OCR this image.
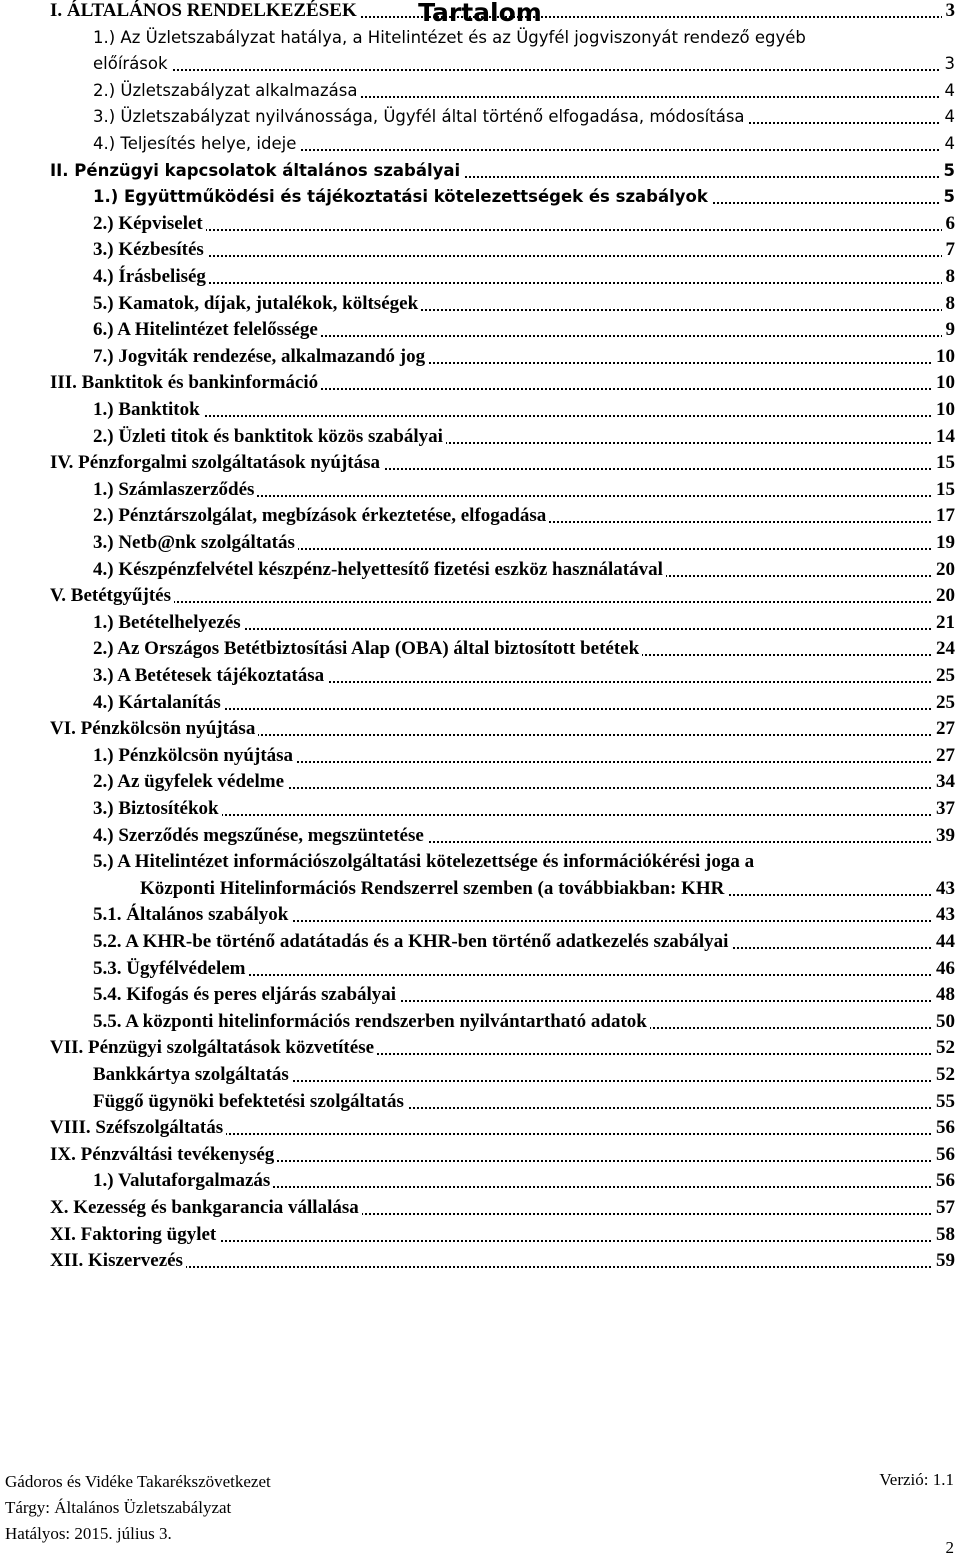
Tartalom
I. ÁLTALÁNOS RENDELKEZÉSEK	3
1.) Az Üzletszabályzat hatálya, a Hitelintézet és az Ügyfél jogviszonyát rendező egyéb
előírások	3
2.) Üzletszabályzat alkalmazása	4
3.) Üzletszabályzat nyilvánossága, Ügyfél által történő elfogadása, módosítása	4
4.) Teljesítés helye, ideje	4
II. Pénzügyi kapcsolatok általános szabályai	5
1.) Együttműködési és tájékoztatási kötelezettségek és szabályok	5
2.) Képviselet	6
3.) Kézbesítés	7
4.) Írásbeliség	8
5.) Kamatok, díjak, jutalékok, költségek	8
6.) A Hitelintézet felelőssége	9
7.) Jogviták rendezése, alkalmazandó jog	10
III. Banktitok és bankinformáció	10
1.) Banktitok	10
2.) Üzleti titok és banktitok közös szabályai	14
IV. Pénzforgalmi szolgáltatások nyújtása	15
1.) Számlaszerződés	15
2.) Pénztárszolgálat, megbízások érkeztetése, elfogadása	17
3.) Netb@nk szolgáltatás	19
4.) Készpénzfelvétel készpénz-helyettesítő fizetési eszköz használatával	20
V. Betétgyűjtés	20
1.) Betételhelyezés	21
2.) Az Országos Betétbiztosítási Alap (OBA) által biztosított betétek	24
3.) A Betétesek tájékoztatása	25
4.) Kártalanítás	25
VI. Pénzkölcsön nyújtása	27
1.) Pénzkölcsön nyújtása	27
2.) Az ügyfelek védelme	34
3.) Biztosítékok	37
4.) Szerződés megszűnése, megszüntetése	39
5.) A Hitelintézet információszolgáltatási kötelezettsége és információkérési joga a
Központi Hitelinformációs Rendszerrel szemben (a továbbiakban: KHR	43
5.1. Általános szabályok	43
5.2. A KHR-be történő adatátadás és a KHR-ben történő adatkezelés szabályai	44
5.3. Ügyfélvédelem	46
5.4. Kifogás és peres eljárás szabályai	48
5.5. A központi hitelinformációs rendszerben nyilvántartható adatok	50
VII. Pénzügyi szolgáltatások közvetítése	52
Bankkártya szolgáltatás	52
Függő ügynöki befektetési szolgáltatás	55
VIII. Széfszolgáltatás	56
IX. Pénzváltási tevékenység	56
1.) Valutaforgalmazás	56
X. Kezesség és bankgarancia vállalása	57
XI. Faktoring ügylet	58
XII. Kiszervezés	59
Gádoros és Vidéke Takarékszövetkezet	Verzió: 1.1
Tárgy: Általános Üzletszabályzat
Hatályos: 2015. július 3.
2
